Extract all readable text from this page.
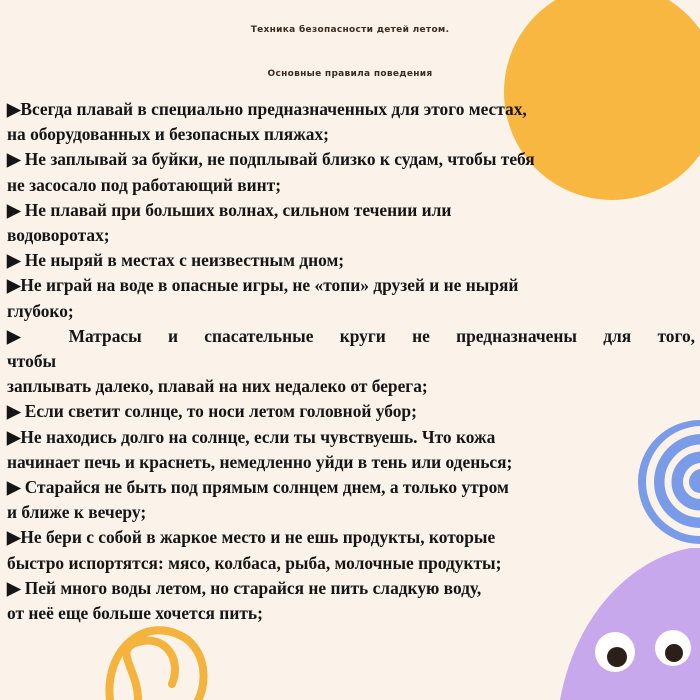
Техника безопасности детей летом.
Основные правила поведения
▶Всегда плавай в специально предназначенных для этого местах,
на оборудованных и безопасных пляжах;
▶ Не заплывай за буйки, не подплывай близко к судам, чтобы тебя
не засосало под работающий винт;
▶ Не плавай при больших волнах, сильном течении или
водоворотах;
▶ Не ныряй в местах с неизвестным дном;
▶Не играй на воде в опасные игры, не «топи» друзей и не ныряй
глубоко;
▶ Матрасы и спасательные круги не предназначены для того,
чтобы
заплывать далеко, плавай на них недалеко от берега;
▶ Если светит солнце, то носи летом головной убор;
▶Не находись долго на солнце, если ты чувствуешь. Что кожа
начинает печь и краснеть, немедленно уйди в тень или оденься;
▶ Старайся не быть под прямым солнцем днем, а только утром
и ближе к вечеру;
▶Не бери с собой в жаркое место и не ешь продукты, которые
быстро испортятся: мясо, колбаса, рыба, молочные продукты;
▶ Пей много воды летом, но старайся не пить сладкую воду,
от неё еще больше хочется пить;
